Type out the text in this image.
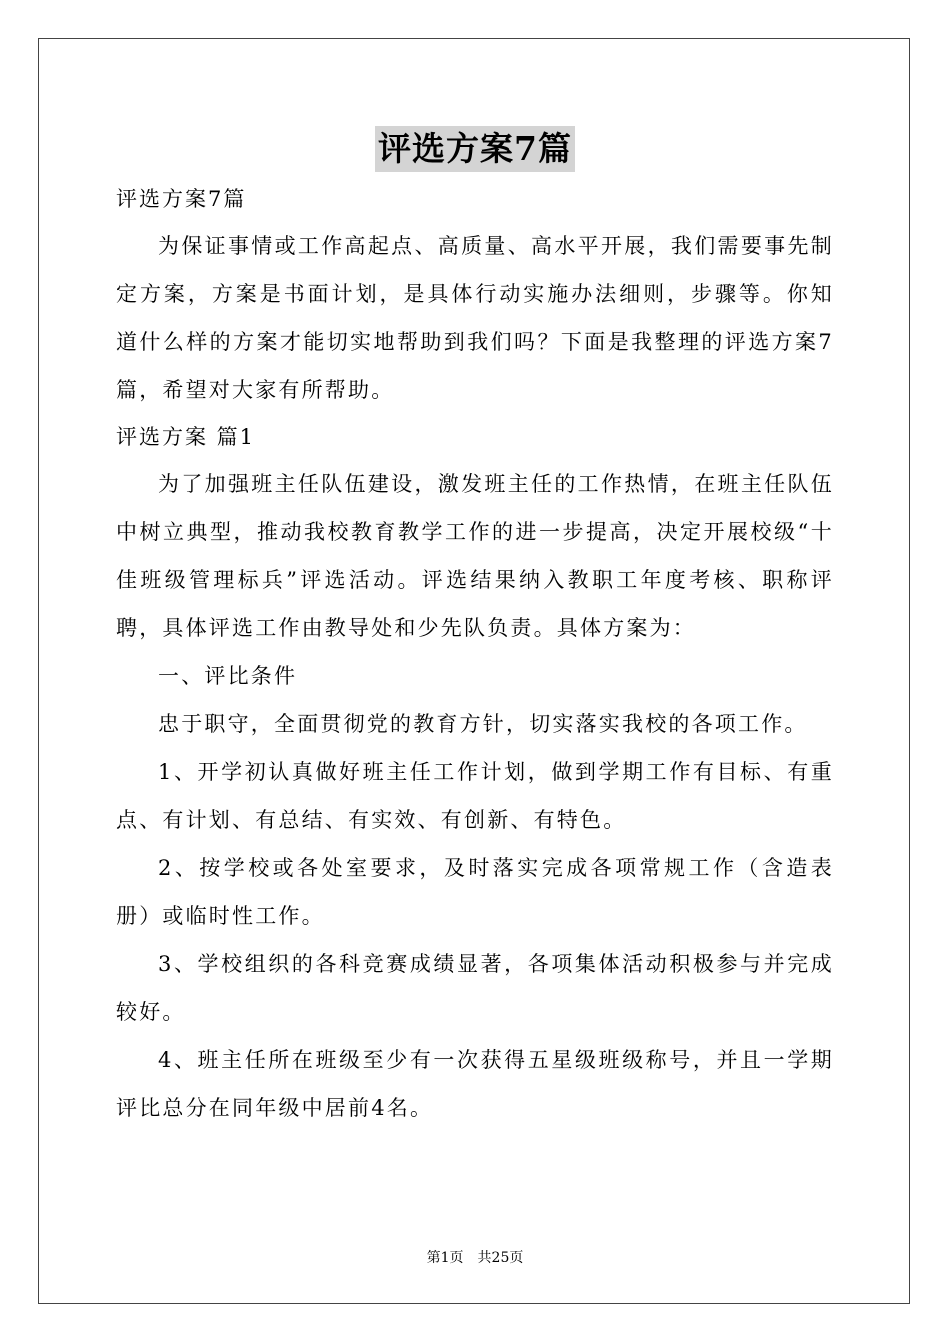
评选方案7篇

评选方案7篇

为保证事情或工作高起点、高质量、高水平开展，我们需要事先制定方案，方案是书面计划，是具体行动实施办法细则，步骤等。你知道什么样的方案才能切实地帮助到我们吗？下面是我整理的评选方案7篇，希望对大家有所帮助。

评选方案 篇1

为了加强班主任队伍建设，激发班主任的工作热情，在班主任队伍中树立典型，推动我校教育教学工作的进一步提高，决定开展校级“十佳班级管理标兵”评选活动。评选结果纳入教职工年度考核、职称评聘，具体评选工作由教导处和少先队负责。具体方案为：

一、评比条件

忠于职守，全面贯彻党的教育方针，切实落实我校的各项工作。

1、开学初认真做好班主任工作计划，做到学期工作有目标、有重点、有计划、有总结、有实效、有创新、有特色。

2、按学校或各处室要求，及时落实完成各项常规工作（含造表册）或临时性工作。

3、学校组织的各科竞赛成绩显著，各项集体活动积极参与并完成较好。

4、班主任所在班级至少有一次获得五星级班级称号，并且一学期评比总分在同年级中居前4名。

第1页　共25页
